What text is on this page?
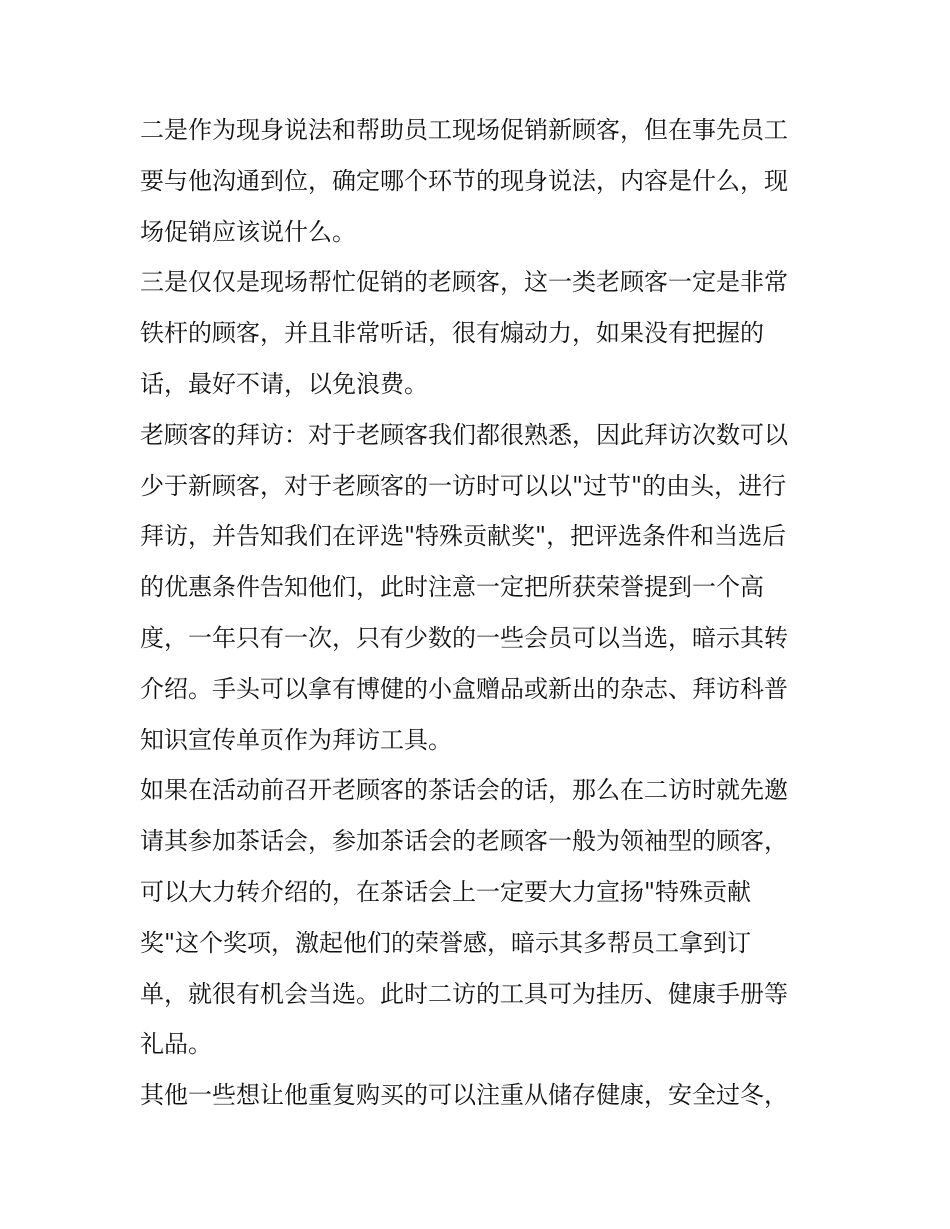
二是作为现身说法和帮助员工现场促销新顾客，但在事先员工
要与他沟通到位，确定哪个环节的现身说法，内容是什么，现
场促销应该说什么。
三是仅仅是现场帮忙促销的老顾客，这一类老顾客一定是非常
铁杆的顾客，并且非常听话，很有煽动力，如果没有把握的
话，最好不请，以免浪费。
老顾客的拜访：对于老顾客我们都很熟悉，因此拜访次数可以
少于新顾客，对于老顾客的一访时可以以"过节"的由头，进行
拜访，并告知我们在评选"特殊贡献奖"，把评选条件和当选后
的优惠条件告知他们，此时注意一定把所获荣誉提到一个高
度，一年只有一次，只有少数的一些会员可以当选，暗示其转
介绍。手头可以拿有博健的小盒赠品或新出的杂志、拜访科普
知识宣传单页作为拜访工具。
如果在活动前召开老顾客的茶话会的话，那么在二访时就先邀
请其参加茶话会，参加茶话会的老顾客一般为领袖型的顾客，
可以大力转介绍的，在茶话会上一定要大力宣扬"特殊贡献
奖"这个奖项，激起他们的荣誉感，暗示其多帮员工拿到订
单，就很有机会当选。此时二访的工具可为挂历、健康手册等
礼品。
其他一些想让他重复购买的可以注重从储存健康，安全过冬，
